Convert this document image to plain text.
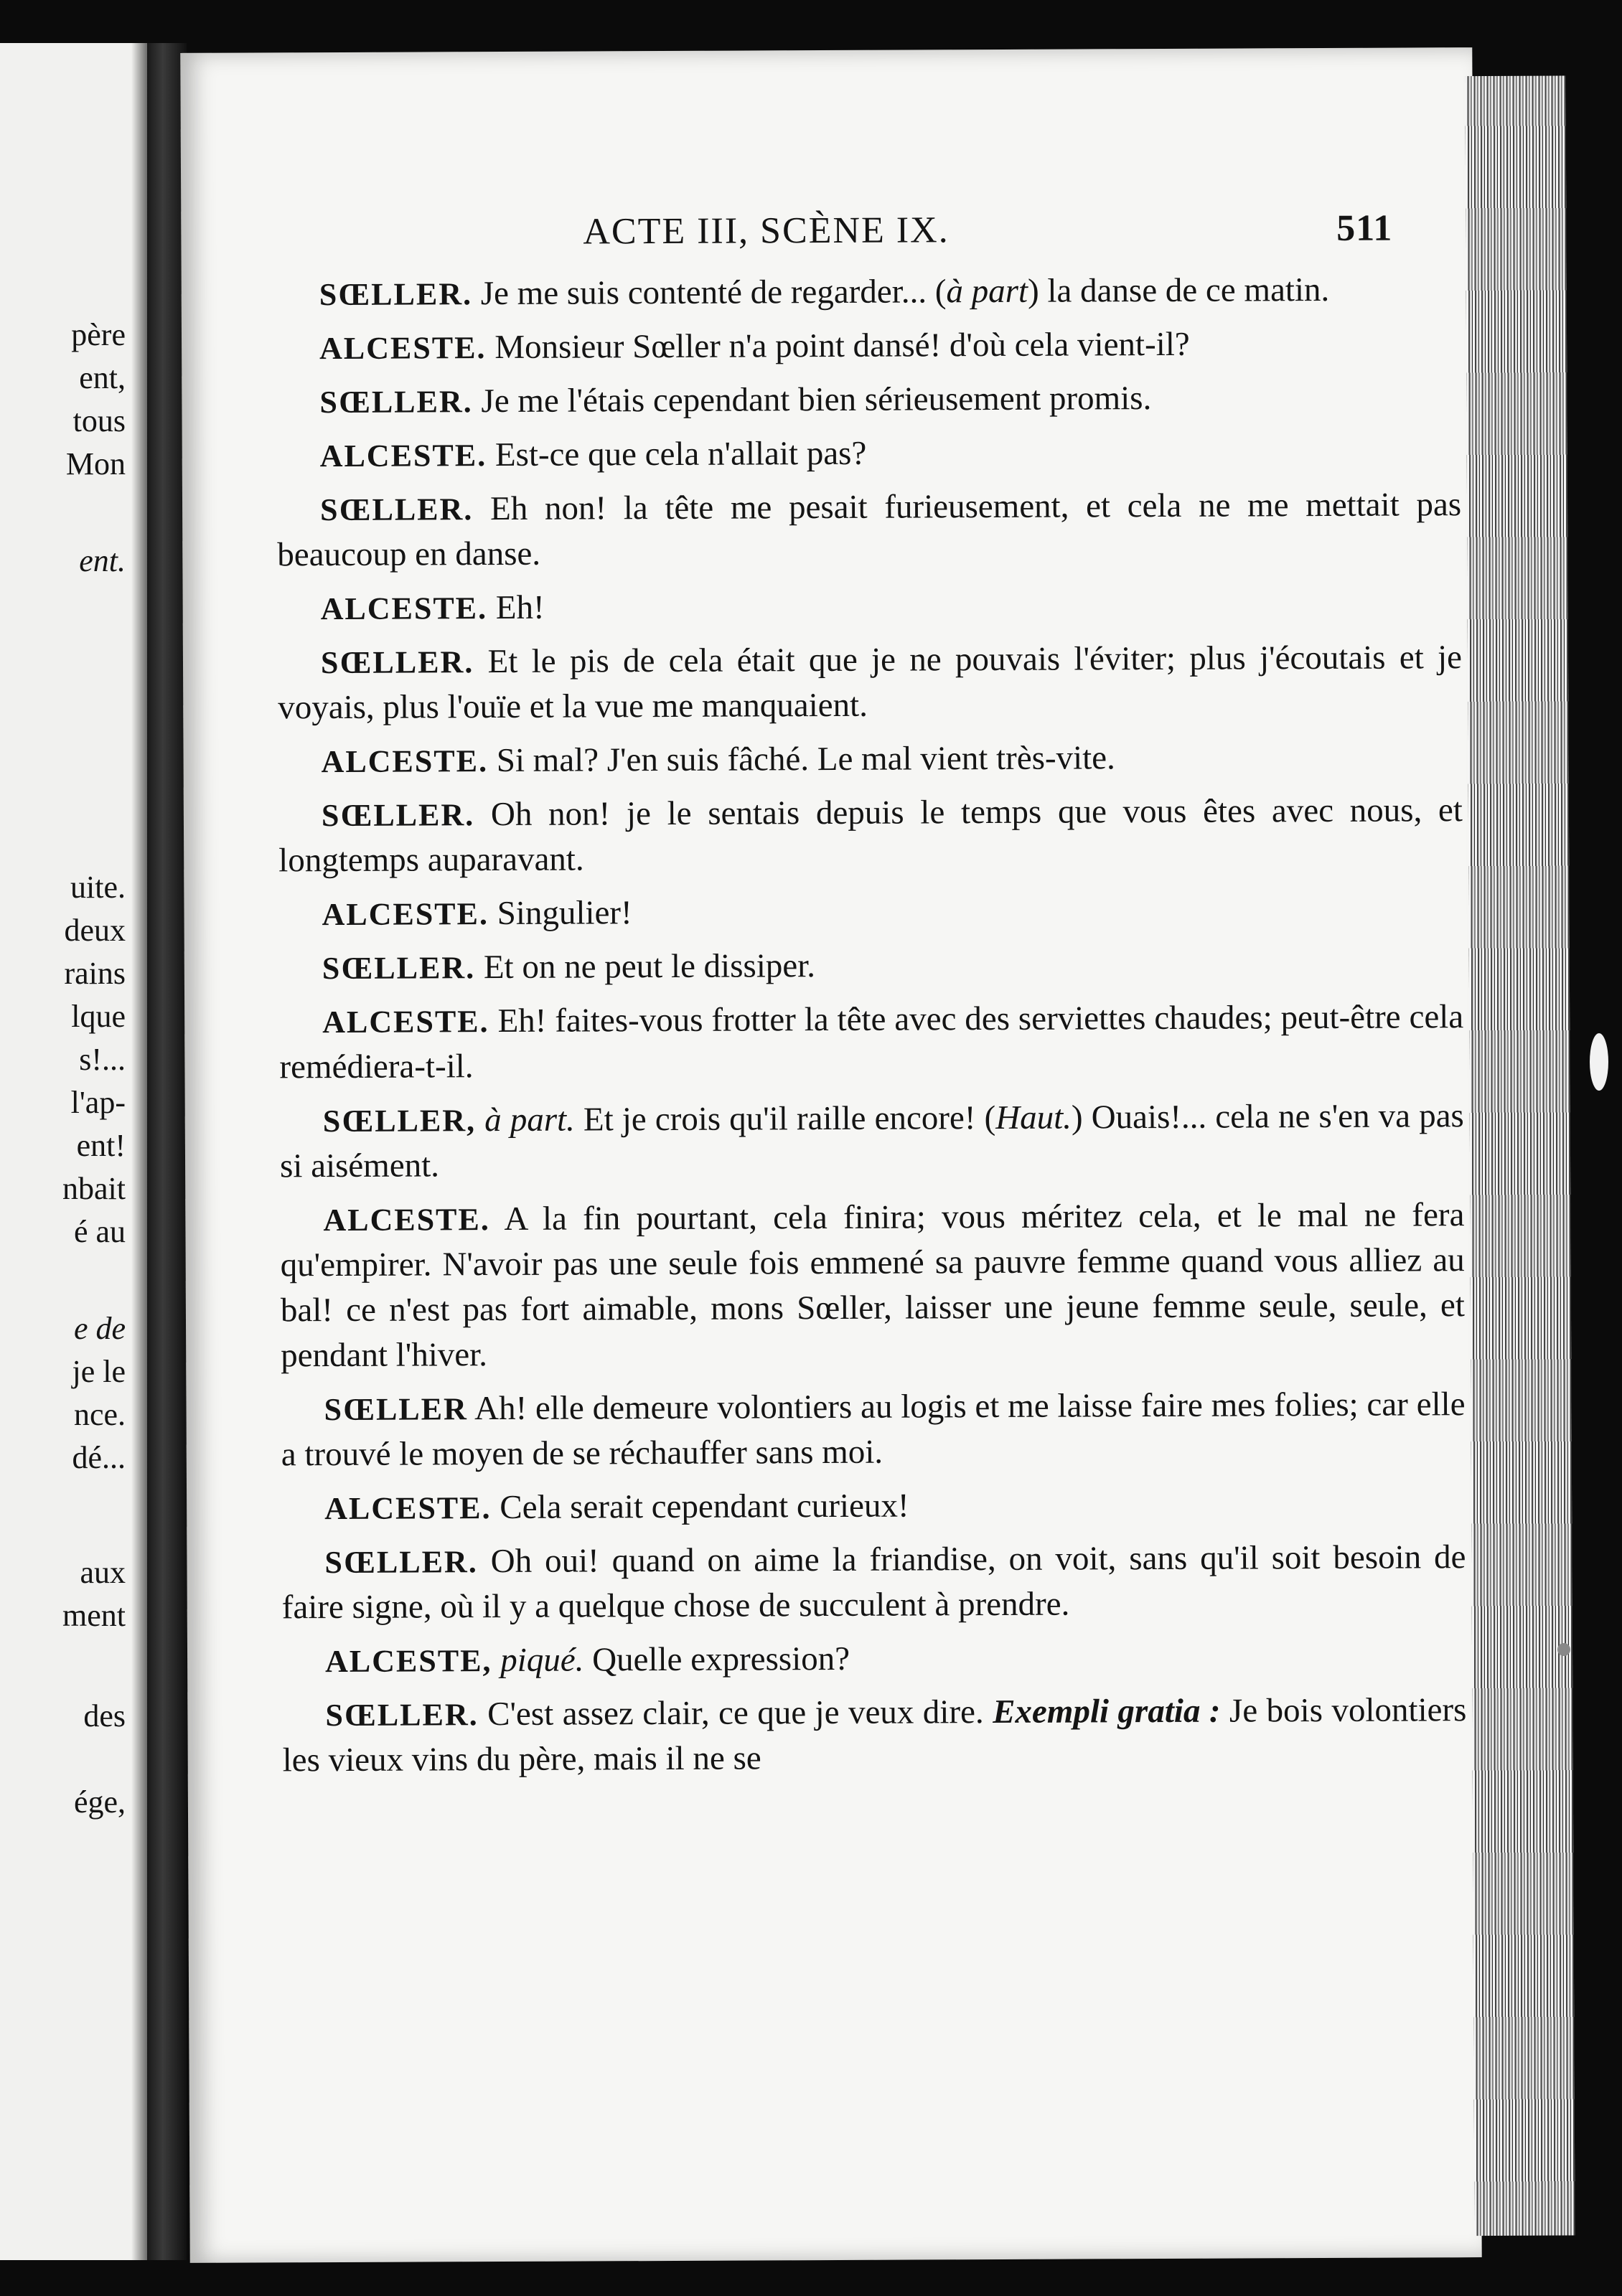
père
ent,
tous
Mon
ent.
uite.
deux
rains
lque
s!...
l'ap-
ent!
nbait
é au
e de
je le
nce.
dé...
aux
ment
des
ége,
ACTE III, SCÈNE IX.	511

SŒLLER. Je me suis contenté de regarder... (à part) la danse de ce matin.

ALCESTE. Monsieur Sœller n'a point dansé! d'où cela vient-il?

SŒLLER. Je me l'étais cependant bien sérieusement promis.

ALCESTE. Est-ce que cela n'allait pas?

SŒLLER. Eh non! la tête me pesait furieusement, et cela ne me mettait pas beaucoup en danse.

ALCESTE. Eh!

SŒLLER. Et le pis de cela était que je ne pouvais l'éviter; plus j'écoutais et je voyais, plus l'ouïe et la vue me manquaient.

ALCESTE. Si mal? J'en suis fâché. Le mal vient très-vite.

SŒLLER. Oh non! je le sentais depuis le temps que vous êtes avec nous, et longtemps auparavant.

ALCESTE. Singulier!

SŒLLER. Et on ne peut le dissiper.

ALCESTE. Eh! faites-vous frotter la tête avec des serviettes chaudes; peut-être cela remédiera-t-il.

SŒLLER, à part. Et je crois qu'il raille encore! (Haut.) Ouais!... cela ne s'en va pas si aisément.

ALCESTE. A la fin pourtant, cela finira; vous méritez cela, et le mal ne fera qu'empirer. N'avoir pas une seule fois emmené sa pauvre femme quand vous alliez au bal! ce n'est pas fort aimable, mons Sœller, laisser une jeune femme seule, seule, et pendant l'hiver.

SŒLLER Ah! elle demeure volontiers au logis et me laisse faire mes folies; car elle a trouvé le moyen de se réchauffer sans moi.

ALCESTE. Cela serait cependant curieux!

SŒLLER. Oh oui! quand on aime la friandise, on voit, sans qu'il soit besoin de faire signe, où il y a quelque chose de succulent à prendre.

ALCESTE, piqué. Quelle expression?

SŒLLER. C'est assez clair, ce que je veux dire. Exempli gratia : Je bois volontiers les vieux vins du père, mais il ne se
